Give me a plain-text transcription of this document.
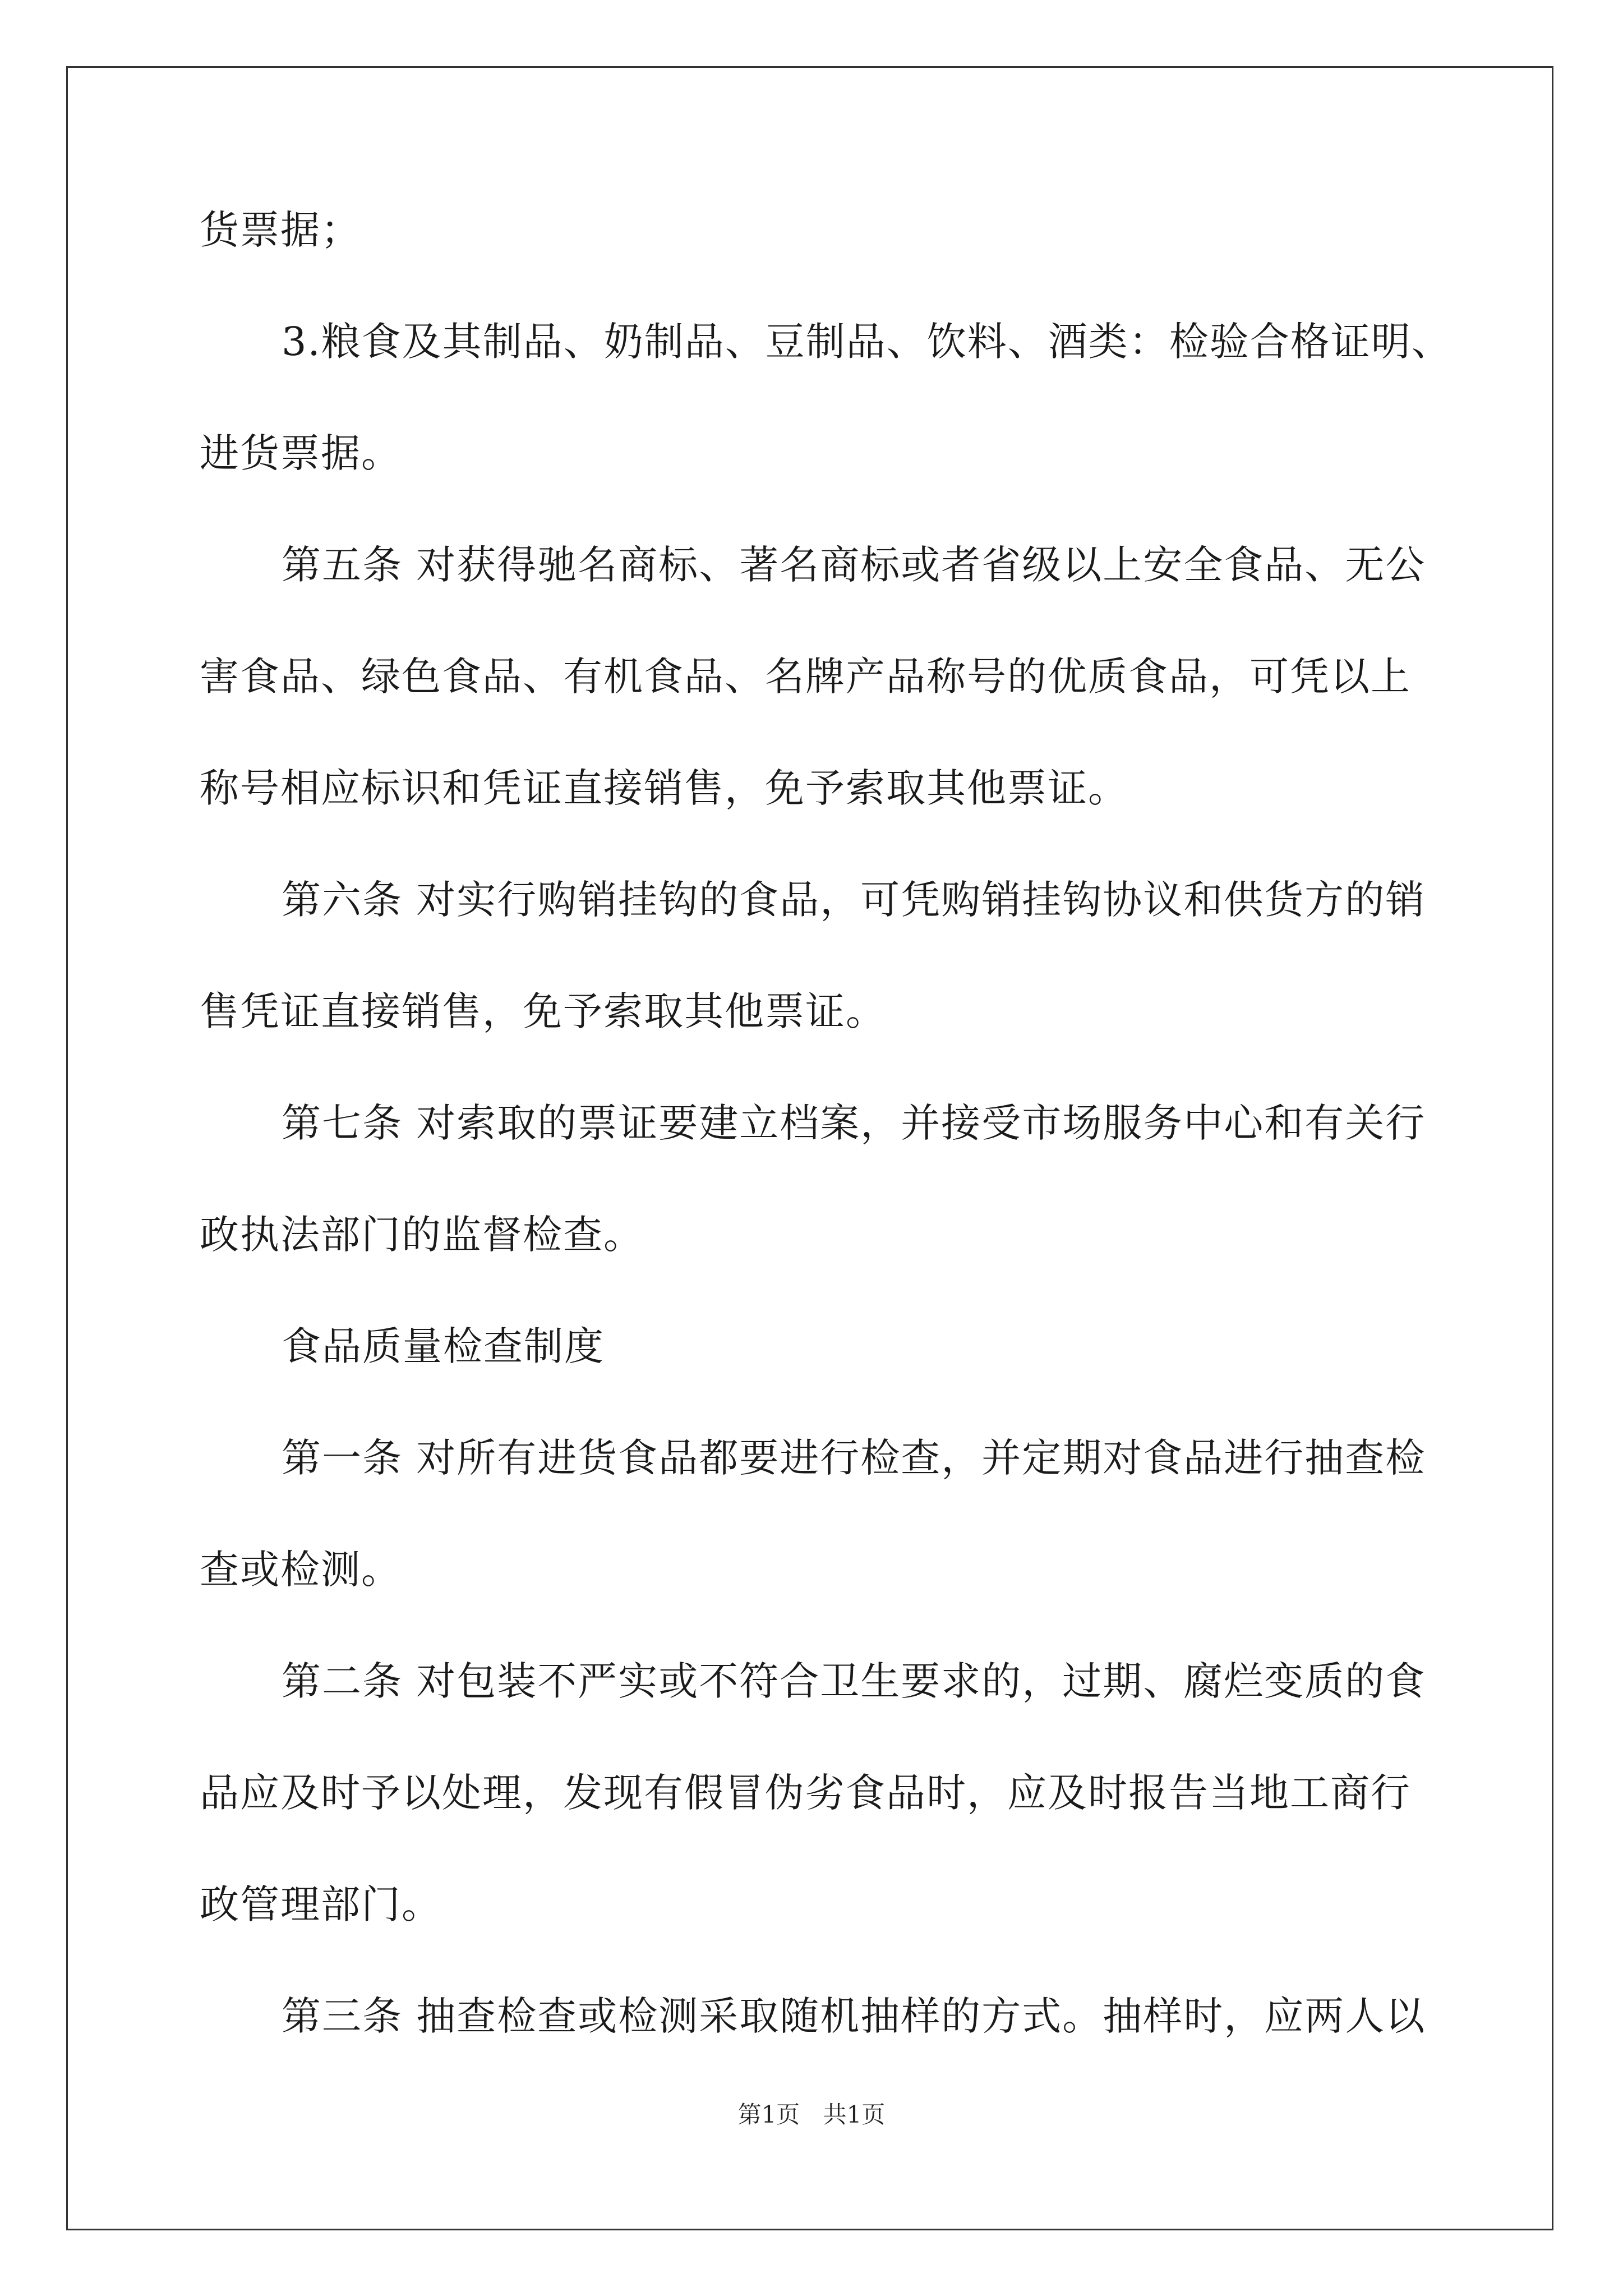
货票据；
3.粮食及其制品、奶制品、豆制品、饮料、酒类：检验合格证明、
进货票据。
第五条 对获得驰名商标、著名商标或者省级以上安全食品、无公
害食品、绿色食品、有机食品、名牌产品称号的优质食品，可凭以上
称号相应标识和凭证直接销售，免予索取其他票证。
第六条 对实行购销挂钩的食品，可凭购销挂钩协议和供货方的销
售凭证直接销售，免予索取其他票证。
第七条 对索取的票证要建立档案，并接受市场服务中心和有关行
政执法部门的监督检查。
食品质量检查制度
第一条 对所有进货食品都要进行检查，并定期对食品进行抽查检
查或检测。
第二条 对包装不严实或不符合卫生要求的，过期、腐烂变质的食
品应及时予以处理，发现有假冒伪劣食品时，应及时报告当地工商行
政管理部门。
第三条 抽查检查或检测采取随机抽样的方式。抽样时，应两人以
第1页 共1页
